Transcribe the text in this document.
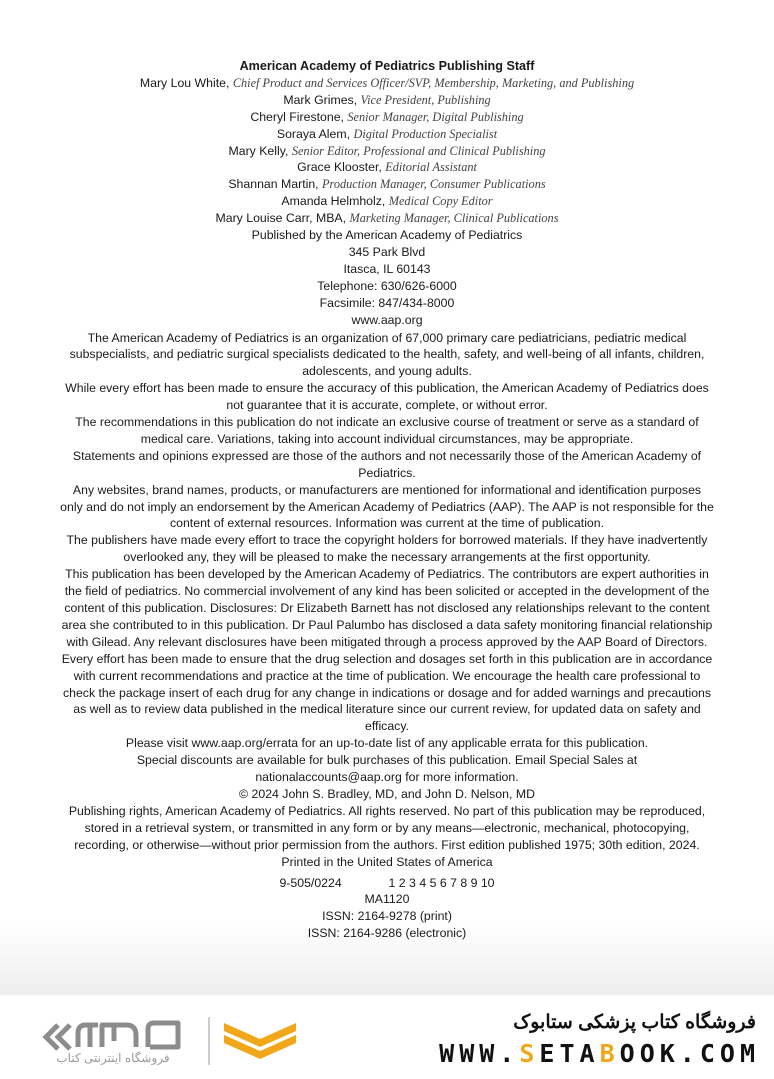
American Academy of Pediatrics Publishing Staff
Mary Lou White, Chief Product and Services Officer/SVP, Membership, Marketing, and Publishing
Mark Grimes, Vice President, Publishing
Cheryl Firestone, Senior Manager, Digital Publishing
Soraya Alem, Digital Production Specialist
Mary Kelly, Senior Editor, Professional and Clinical Publishing
Grace Klooster, Editorial Assistant
Shannan Martin, Production Manager, Consumer Publications
Amanda Helmholz, Medical Copy Editor
Mary Louise Carr, MBA, Marketing Manager, Clinical Publications
Published by the American Academy of Pediatrics
345 Park Blvd
Itasca, IL 60143
Telephone: 630/626-6000
Facsimile: 847/434-8000
www.aap.org
The American Academy of Pediatrics is an organization of 67,000 primary care pediatricians, pediatric medical subspecialists, and pediatric surgical specialists dedicated to the health, safety, and well-being of all infants, children, adolescents, and young adults.
While every effort has been made to ensure the accuracy of this publication, the American Academy of Pediatrics does not guarantee that it is accurate, complete, or without error.
The recommendations in this publication do not indicate an exclusive course of treatment or serve as a standard of medical care. Variations, taking into account individual circumstances, may be appropriate.
Statements and opinions expressed are those of the authors and not necessarily those of the American Academy of Pediatrics.
Any websites, brand names, products, or manufacturers are mentioned for informational and identification purposes only and do not imply an endorsement by the American Academy of Pediatrics (AAP). The AAP is not responsible for the content of external resources. Information was current at the time of publication.
The publishers have made every effort to trace the copyright holders for borrowed materials. If they have inadvertently overlooked any, they will be pleased to make the necessary arrangements at the first opportunity.
This publication has been developed by the American Academy of Pediatrics. The contributors are expert authorities in the field of pediatrics. No commercial involvement of any kind has been solicited or accepted in the development of the content of this publication. Disclosures: Dr Elizabeth Barnett has not disclosed any relationships relevant to the content area she contributed to in this publication. Dr Paul Palumbo has disclosed a data safety monitoring financial relationship with Gilead. Any relevant disclosures have been mitigated through a process approved by the AAP Board of Directors.
Every effort has been made to ensure that the drug selection and dosages set forth in this publication are in accordance with current recommendations and practice at the time of publication. We encourage the health care professional to check the package insert of each drug for any change in indications or dosage and for added warnings and precautions as well as to review data published in the medical literature since our current review, for updated data on safety and efficacy.
Please visit www.aap.org/errata for an up-to-date list of any applicable errata for this publication.
Special discounts are available for bulk purchases of this publication. Email Special Sales at
nationalaccounts@aap.org for more information.
© 2024 John S. Bradley, MD, and John D. Nelson, MD
Publishing rights, American Academy of Pediatrics. All rights reserved. No part of this publication may be reproduced, stored in a retrieval system, or transmitted in any form or by any means—electronic, mechanical, photocopying, recording, or otherwise—without prior permission from the authors. First edition published 1975; 30th edition, 2024.
Printed in the United States of America
9-505/0224	1 2 3 4 5 6 7 8 9 10
MA1120
ISSN: 2164-9278 (print)
ISSN: 2164-9286 (electronic)
فروشگاه اینترنتی کتاب
فروشگاه کتاب پزشکی ستابوک
WWW.SETABOOK.COM
